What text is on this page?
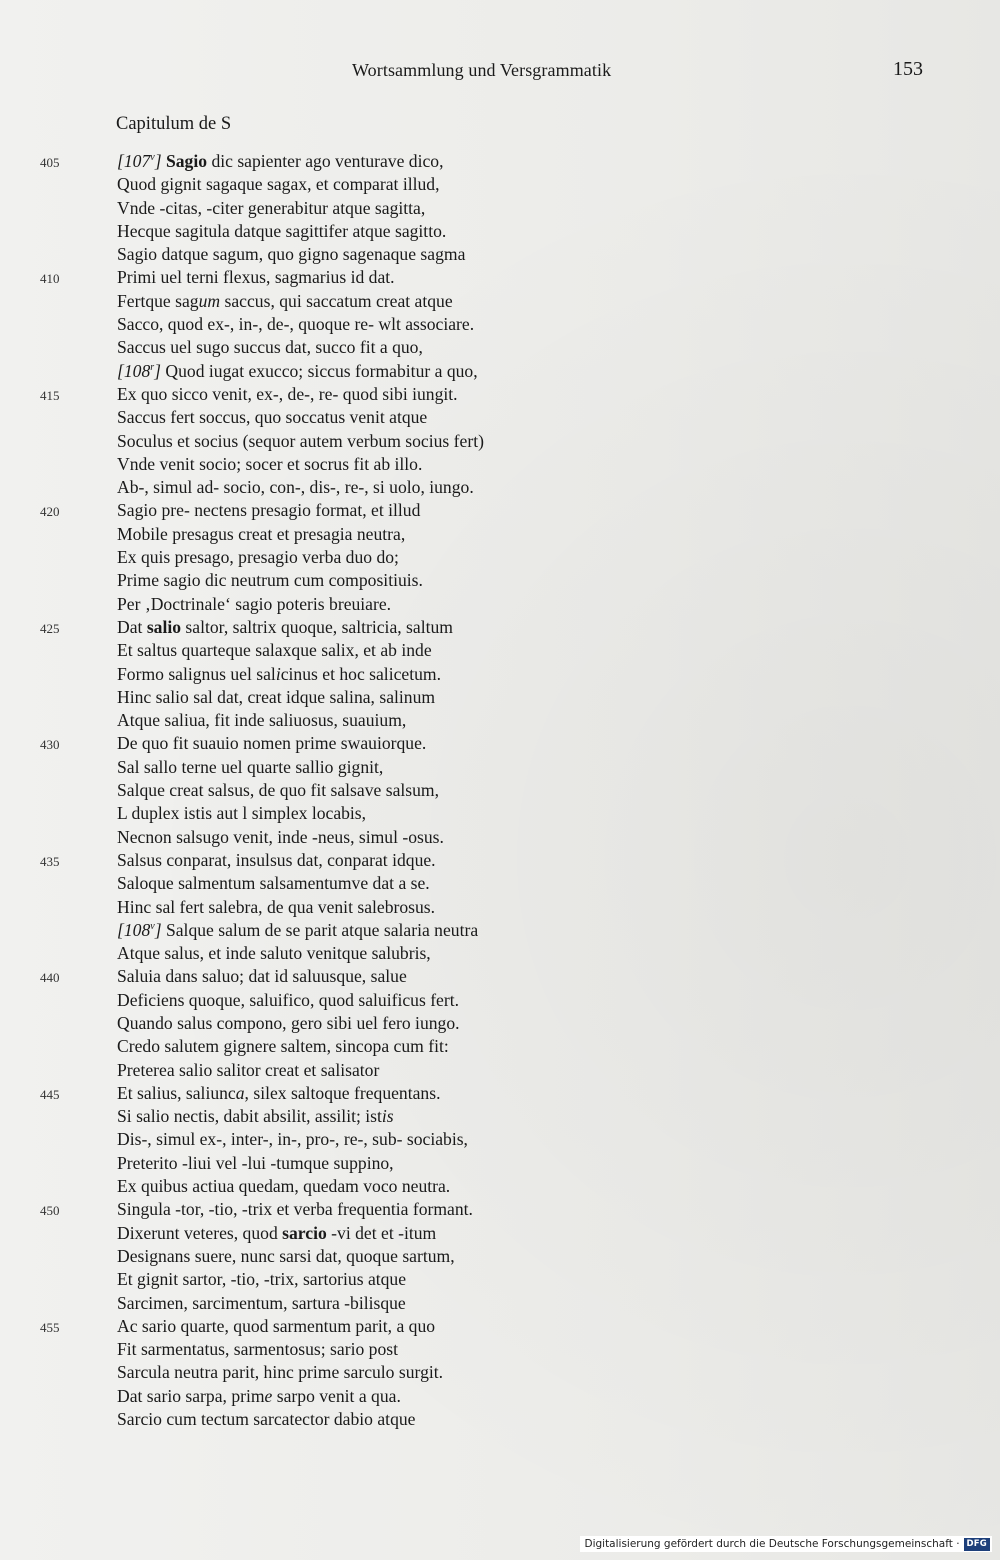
Wortsammlung und Versgrammatik	153
Capitulum de S
405	[107$^v$] Sagio dic sapienter ago venturave dico,
Quod gignit sagaque sagax, et comparat illud,
Vnde -citas, -citer generabitur atque sagitta,
Hecque sagitula datque sagittifer atque sagitto.
Sagio datque sagum, quo gigno sagenaque sagma
410	Primi uel terni flexus, sagmarius id dat.
Fertque sagum saccus, qui saccatum creat atque
Sacco, quod ex-, in-, de-, quoque re- wlt associare.
Saccus uel sugo succus dat, succo fit a quo,
[108$^r$] Quod iugat exucco; siccus formabitur a quo,
415	Ex quo sicco venit, ex-, de-, re- quod sibi iungit.
Saccus fert soccus, quo soccatus venit atque
Soculus et socius (sequor autem verbum socius fert)
Vnde venit socio; socer et socrus fit ab illo.
Ab-, simul ad- socio, con-, dis-, re-, si uolo, iungo.
420	Sagio pre- nectens presagio format, et illud
Mobile presagus creat et presagia neutra,
Ex quis presago, presagio verba duo do;
Prime sagio dic neutrum cum compositiuis.
Per ‚Doctrinale‘ sagio poteris breuiare.
425	Dat salio saltor, saltrix quoque, saltricia, saltum
Et saltus quarteque salaxque salix, et ab inde
Formo salignus uel salicinus et hoc salicetum.
Hinc salio sal dat, creat idque salina, salinum
Atque saliua, fit inde saliuosus, suauium,
430	De quo fit suauio nomen prime swauiorque.
Sal sallo terne uel quarte sallio gignit,
Salque creat salsus, de quo fit salsave salsum,
L duplex istis aut l simplex locabis,
Necnon salsugo venit, inde -neus, simul -osus.
435	Salsus conparat, insulsus dat, conparat idque.
Saloque salmentum salsamentumve dat a se.
Hinc sal fert salebra, de qua venit salebrosus.
[108$^v$] Salque salum de se parit atque salaria neutra
Atque salus, et inde saluto venitque salubris,
440	Saluia dans saluo; dat id saluusque, salue
Deficiens quoque, saluifico, quod saluificus fert.
Quando salus compono, gero sibi uel fero iungo.
Credo salutem gignere saltem, sincopa cum fit:
Preterea salio salitor creat et salisator
445	Et salius, saliunca, silex saltoque frequentans.
Si salio nectis, dabit absilit, assilit; istis
Dis-, simul ex-, inter-, in-, pro-, re-, sub- sociabis,
Preterito -liui vel -lui -tumque suppino,
Ex quibus actiua quedam, quedam voco neutra.
450	Singula -tor, -tio, -trix et verba frequentia formant.
Dixerunt veteres, quod sarcio -vi det et -itum
Designans suere, nunc sarsi dat, quoque sartum,
Et gignit sartor, -tio, -trix, sartorius atque
Sarcimen, sarcimentum, sartura -bilisque
455	Ac sario quarte, quod sarmentum parit, a quo
Fit sarmentatus, sarmentosus; sario post
Sarcula neutra parit, hinc prime sarculo surgit.
Dat sario sarpa, prime sarpo venit a qua.
Sarcio cum tectum sarcatector dabio atque
Digitalisierung gefördert durch die Deutsche Forschungsgemeinschaft · DFG
